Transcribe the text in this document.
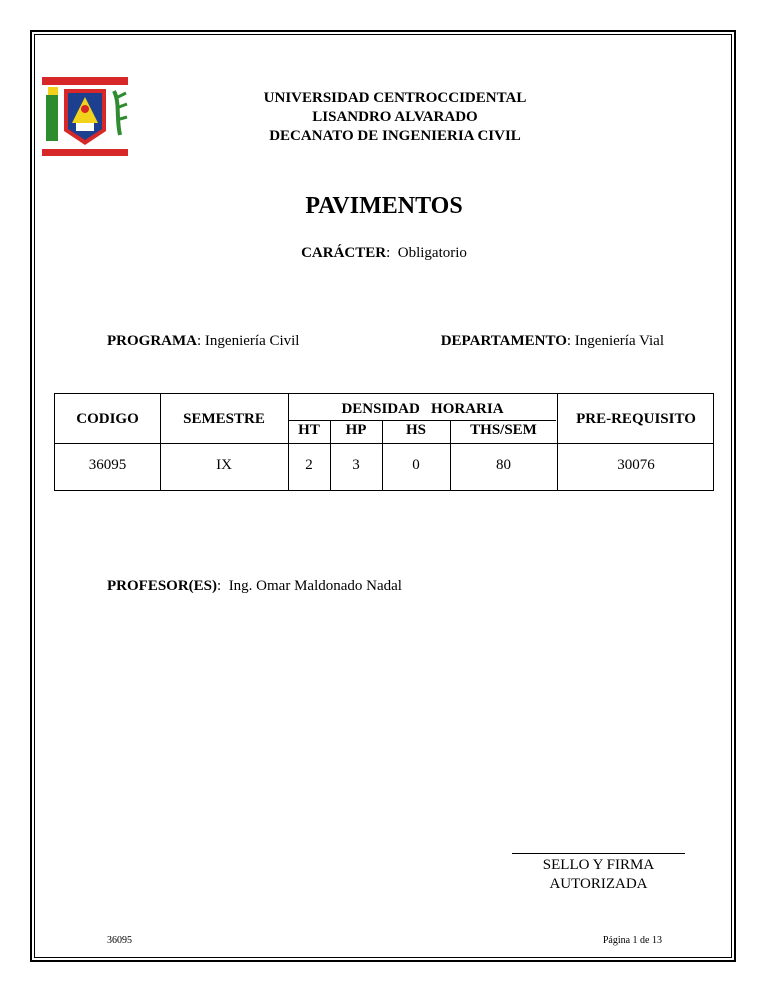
UNIVERSIDAD CENTROCCIDENTAL
LISANDRO ALVARADO
DECANATO DE INGENIERIA CIVIL
PAVIMENTOS
CARÁCTER:  Obligatorio
PROGRAMA: Ingeniería Civil	DEPARTAMENTO: Ingeniería Vial
CODIGO	SEMESTRE
DENSIDAD   HORARIA
HT	HP	HS	THS/SEM
PRE-REQUISITO
36095	IX	2	3	0	80	30076
PROFESOR(ES):  Ing. Omar Maldonado Nadal
SELLO Y FIRMA
AUTORIZADA
36095	Página 1 de 13
